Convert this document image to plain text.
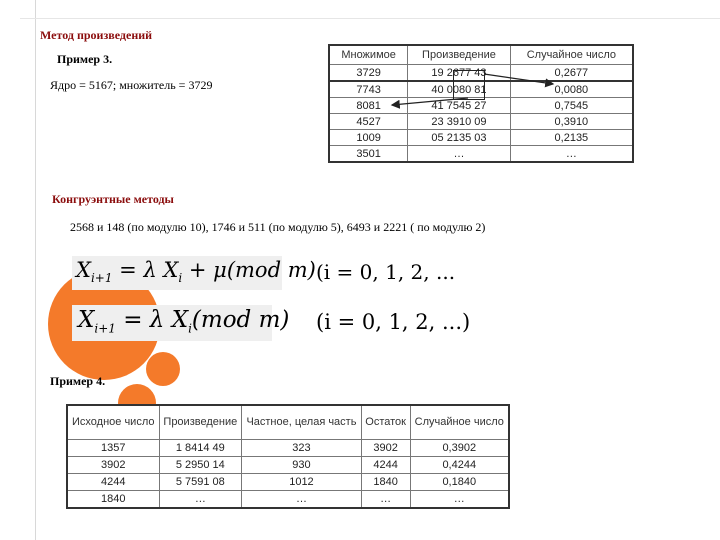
Метод произведений
Пример 3.
Ядро = 5167; множитель = 3729
Множимое	Произведение	Случайное число
3729	19 2677 43	0,2677
7743	40 0080 81	0,0080
8081	41 7545 27	0,7545
4527	23 3910 09	0,3910
1009	05 2135 03	0,2135
3501	…	…
Конгруэнтные методы
2568 и 148 (по модулю 10), 1746 и 511 (по модулю 5), 6493 и 2221 ( по модулю 2)
$X_{i+1} = \lambda$ $X_i + \mu(mod$ m) (i = 0, 1, 2, ...
$X_{i+1} = \lambda$ $X_i(mod$ m) (i = 0, 1, 2, ...)
Пример 4.
Исходное число	Произведение	Частное, целая часть	Остаток	Случайное число
1357	1 8414 49	323	3902	0,3902
3902	5 2950 14	930	4244	0,4244
4244	5 7591 08	1012	1840	0,1840
1840	…	…	…	…
